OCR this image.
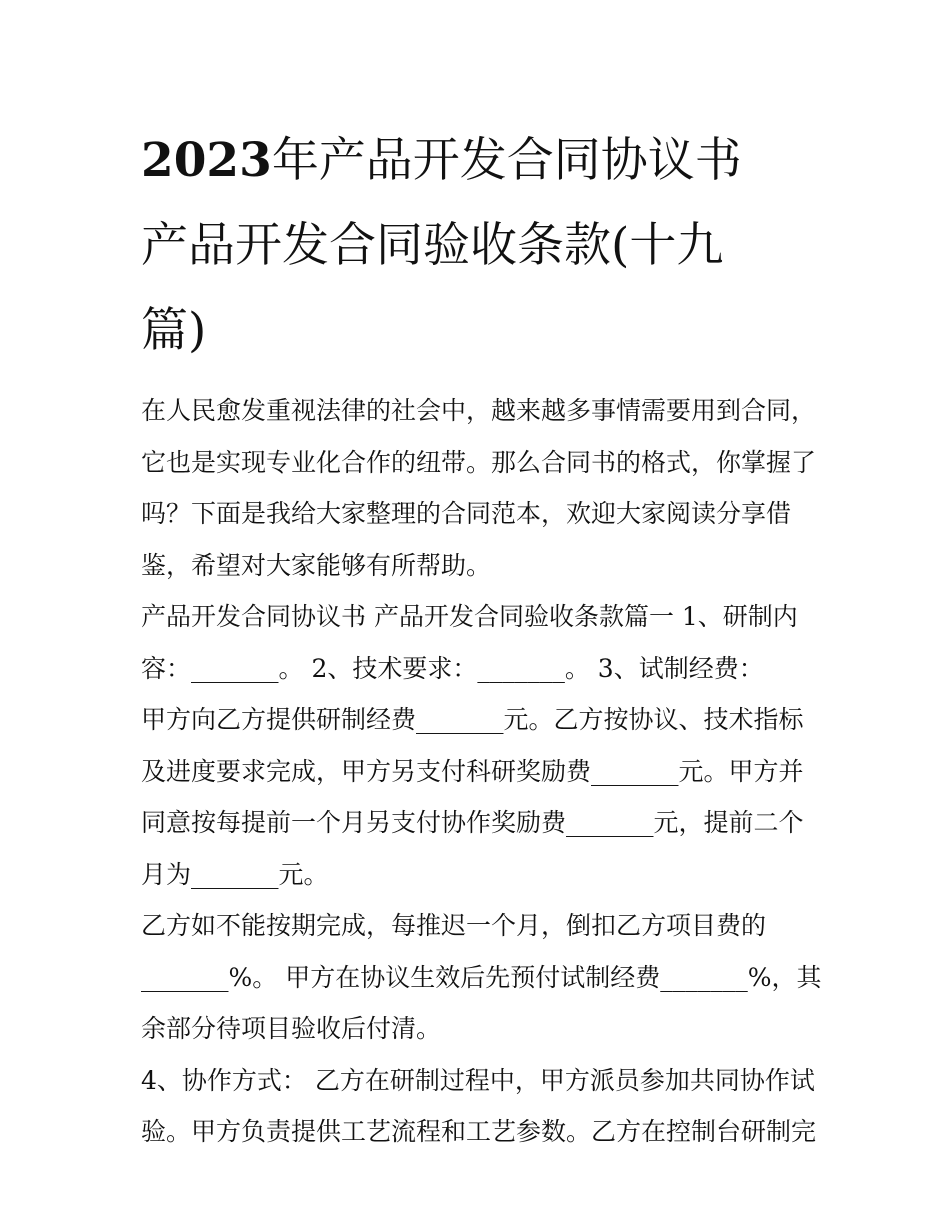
2023年产品开发合同协议书
产品开发合同验收条款(十九
篇)

在人民愈发重视法律的社会中，越来越多事情需要用到合同，
它也是实现专业化合作的纽带。那么合同书的格式，你掌握了
吗？下面是我给大家整理的合同范本，欢迎大家阅读分享借
鉴，希望对大家能够有所帮助。

产品开发合同协议书 产品开发合同验收条款篇一 1、研制内
容：_______。 2、技术要求：_______。 3、试制经费：

甲方向乙方提供研制经费_______元。乙方按协议、技术指标
及进度要求完成，甲方另支付科研奖励费_______元。甲方并
同意按每提前一个月另支付协作奖励费_______元，提前二个
月为_______元。

乙方如不能按期完成，每推迟一个月，倒扣乙方项目费的
_______%。 甲方在协议生效后先预付试制经费_______%，其
余部分待项目验收后付清。

4、协作方式： 乙方在研制过程中，甲方派员参加共同协作试
验。甲方负责提供工艺流程和工艺参数。乙方在控制台研制完
